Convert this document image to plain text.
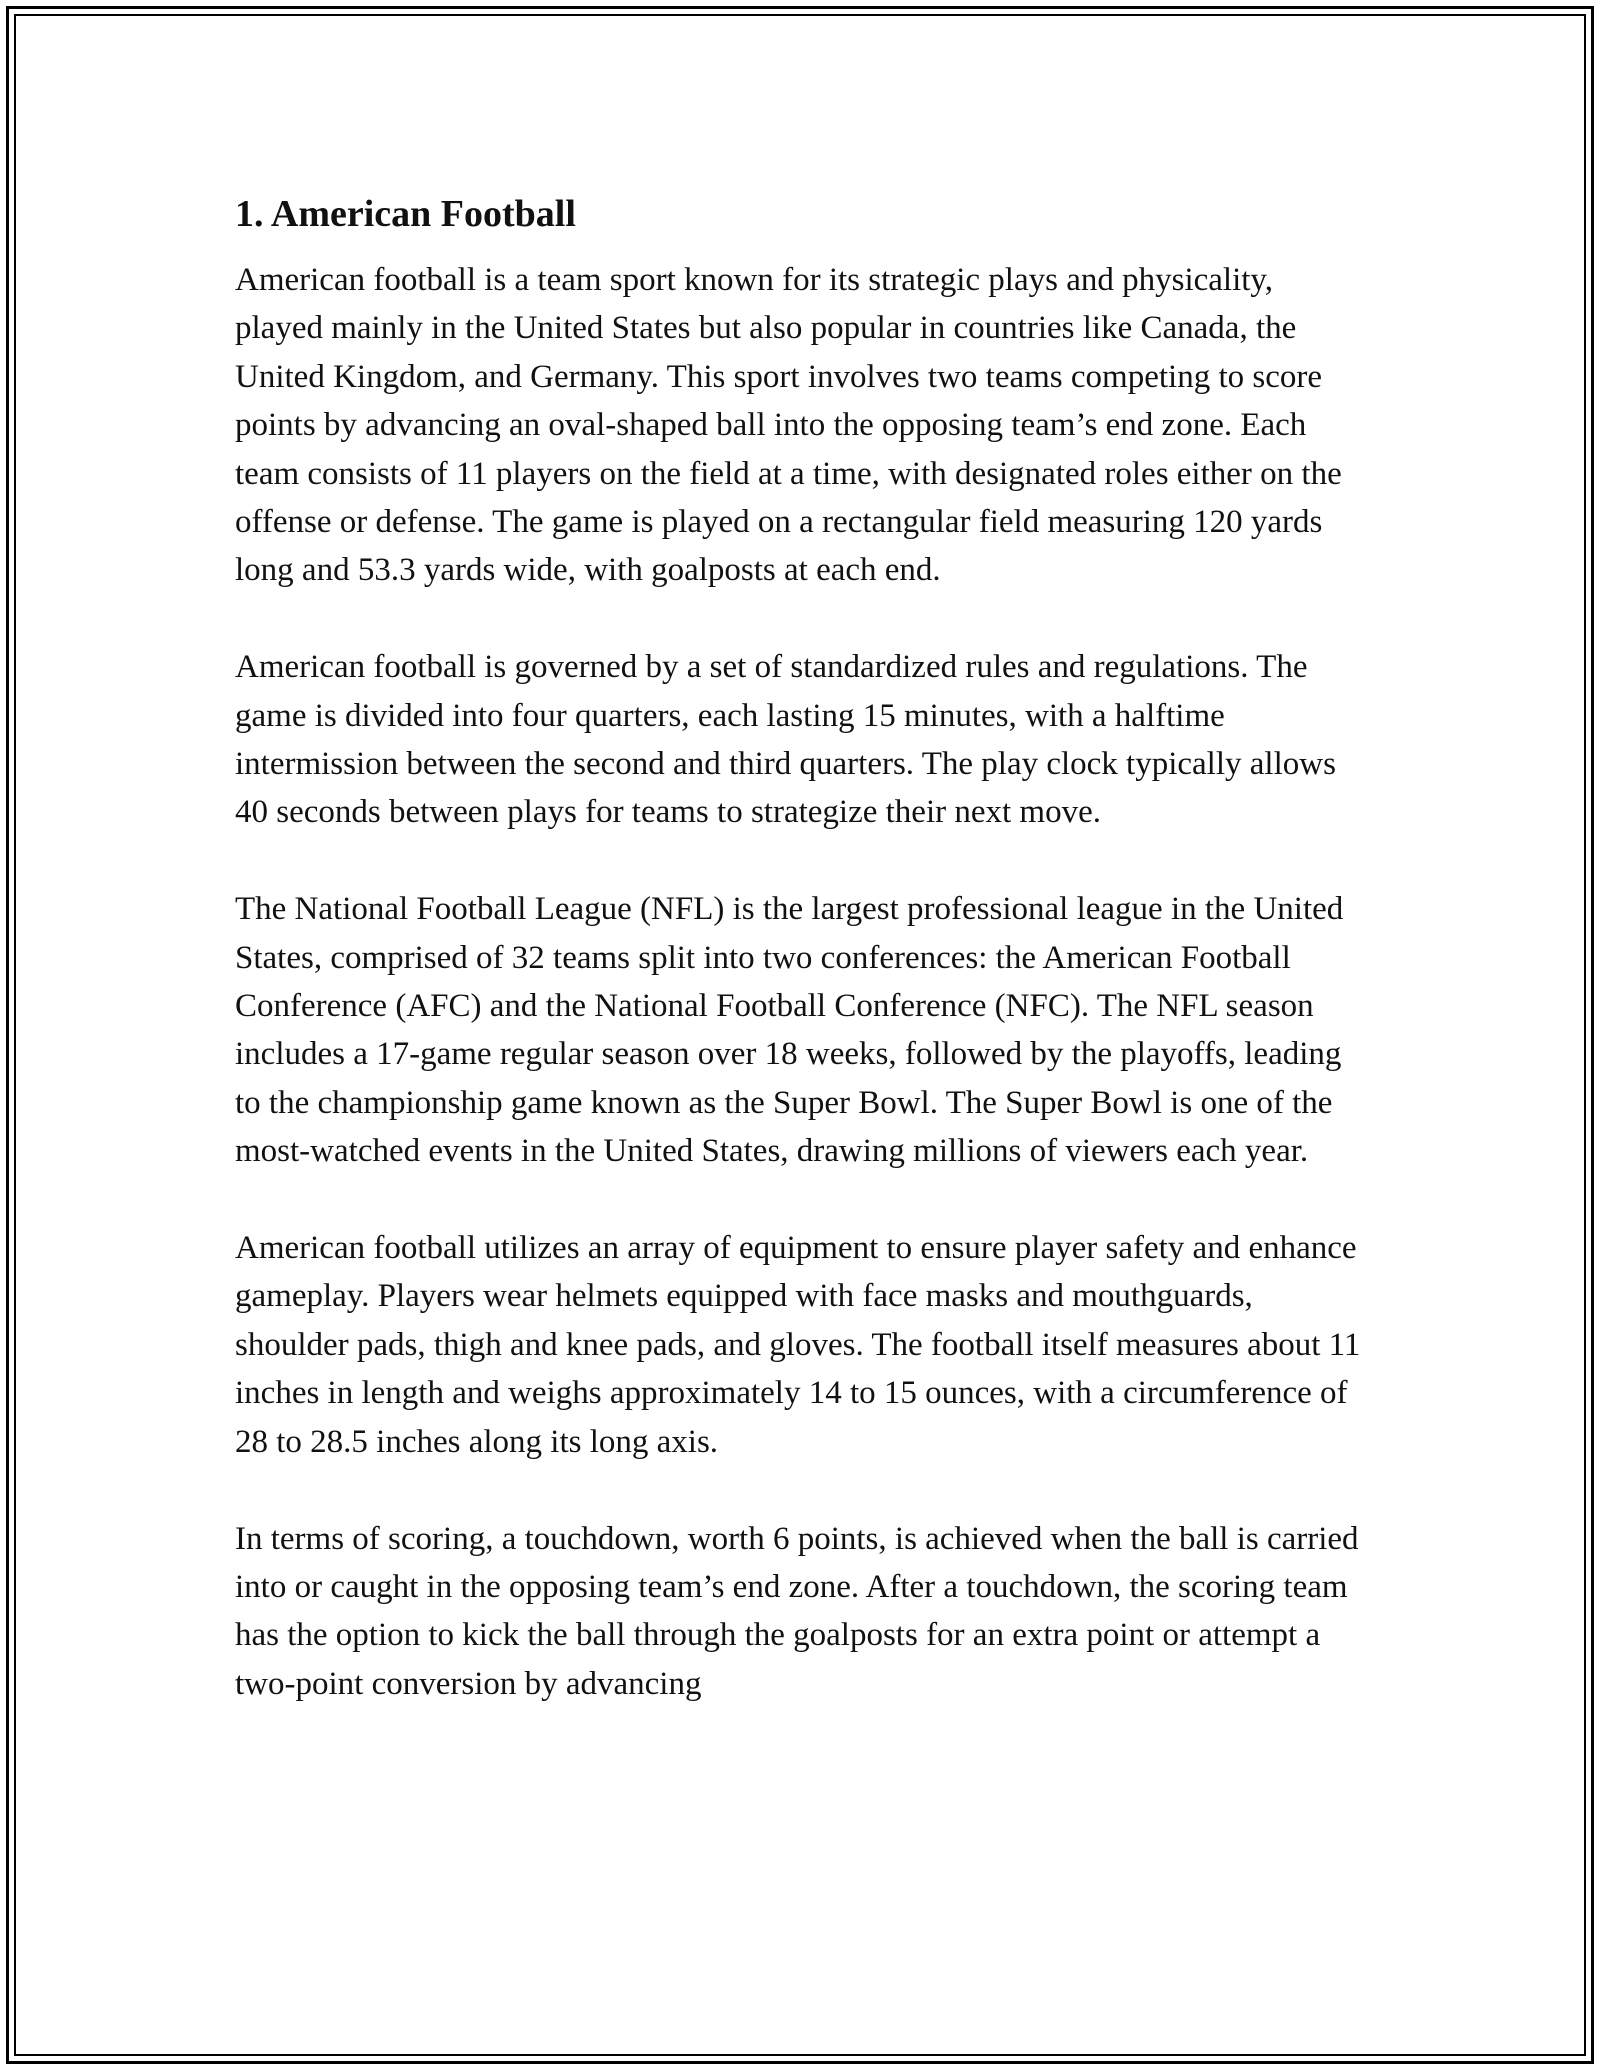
1. American Football

American football is a team sport known for its strategic plays and physicality, played mainly in the United States but also popular in countries like Canada, the United Kingdom, and Germany. This sport involves two teams competing to score points by advancing an oval-shaped ball into the opposing team’s end zone. Each team consists of 11 players on the field at a time, with designated roles either on the offense or defense. The game is played on a rectangular field measuring 120 yards long and 53.3 yards wide, with goalposts at each end.

American football is governed by a set of standardized rules and regulations. The game is divided into four quarters, each lasting 15 minutes, with a halftime intermission between the second and third quarters. The play clock typically allows 40 seconds between plays for teams to strategize their next move.

The National Football League (NFL) is the largest professional league in the United States, comprised of 32 teams split into two conferences: the American Football Conference (AFC) and the National Football Conference (NFC). The NFL season includes a 17-game regular season over 18 weeks, followed by the playoffs, leading to the championship game known as the Super Bowl. The Super Bowl is one of the most-watched events in the United States, drawing millions of viewers each year.

American football utilizes an array of equipment to ensure player safety and enhance gameplay. Players wear helmets equipped with face masks and mouthguards, shoulder pads, thigh and knee pads, and gloves. The football itself measures about 11 inches in length and weighs approximately 14 to 15 ounces, with a circumference of 28 to 28.5 inches along its long axis.

In terms of scoring, a touchdown, worth 6 points, is achieved when the ball is carried into or caught in the opposing team’s end zone. After a touchdown, the scoring team has the option to kick the ball through the goalposts for an extra point or attempt a two-point conversion by advancing
